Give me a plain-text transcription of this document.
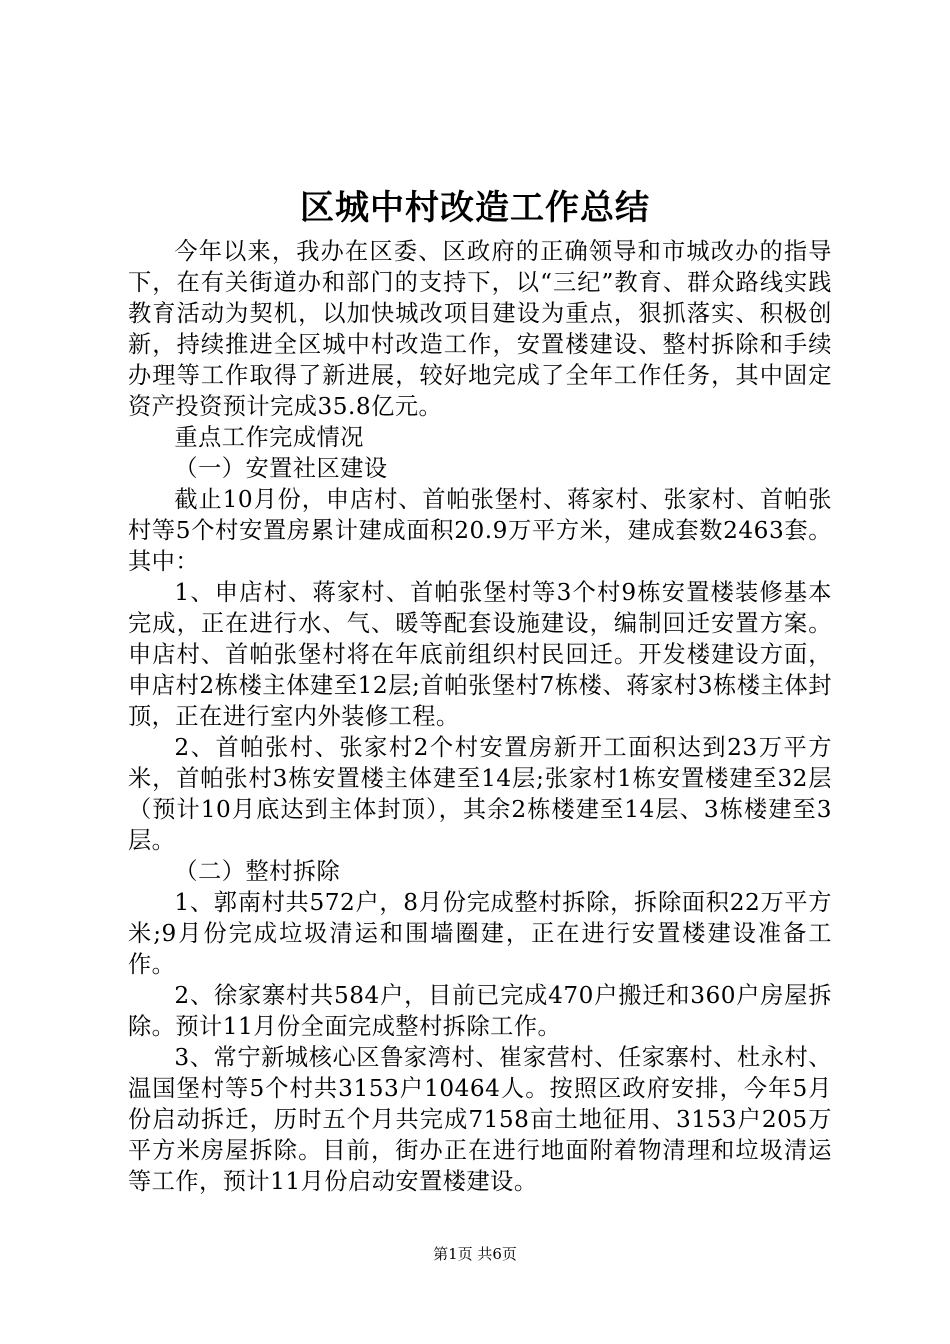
区城中村改造工作总结

今年以来，我办在区委、区政府的正确领导和市城改办的指导下，在有关街道办和部门的支持下，以“三纪”教育、群众路线实践教育活动为契机，以加快城改项目建设为重点，狠抓落实、积极创新，持续推进全区城中村改造工作，安置楼建设、整村拆除和手续办理等工作取得了新进展，较好地完成了全年工作任务，其中固定资产投资预计完成35.8亿元。

重点工作完成情况

（一）安置社区建设

截止10月份，申店村、首帕张堡村、蒋家村、张家村、首帕张村等5个村安置房累计建成面积20.9万平方米，建成套数2463套。其中：

1、申店村、蒋家村、首帕张堡村等3个村9栋安置楼装修基本完成，正在进行水、气、暖等配套设施建设，编制回迁安置方案。申店村、首帕张堡村将在年底前组织村民回迁。开发楼建设方面，申店村2栋楼主体建至12层;首帕张堡村7栋楼、蒋家村3栋楼主体封顶，正在进行室内外装修工程。

2、首帕张村、张家村2个村安置房新开工面积达到23万平方米，首帕张村3栋安置楼主体建至14层;张家村1栋安置楼建至32层（预计10月底达到主体封顶），其余2栋楼建至14层、3栋楼建至3层。

（二）整村拆除

1、郭南村共572户，8月份完成整村拆除，拆除面积22万平方米;9月份完成垃圾清运和围墙圈建，正在进行安置楼建设准备工作。

2、徐家寨村共584户，目前已完成470户搬迁和360户房屋拆除。预计11月份全面完成整村拆除工作。

3、常宁新城核心区鲁家湾村、崔家营村、任家寨村、杜永村、温国堡村等5个村共3153户10464人。按照区政府安排，今年5月份启动拆迁，历时五个月共完成7158亩土地征用、3153户205万平方米房屋拆除。目前，街办正在进行地面附着物清理和垃圾清运等工作，预计11月份启动安置楼建设。

第1页 共6页
